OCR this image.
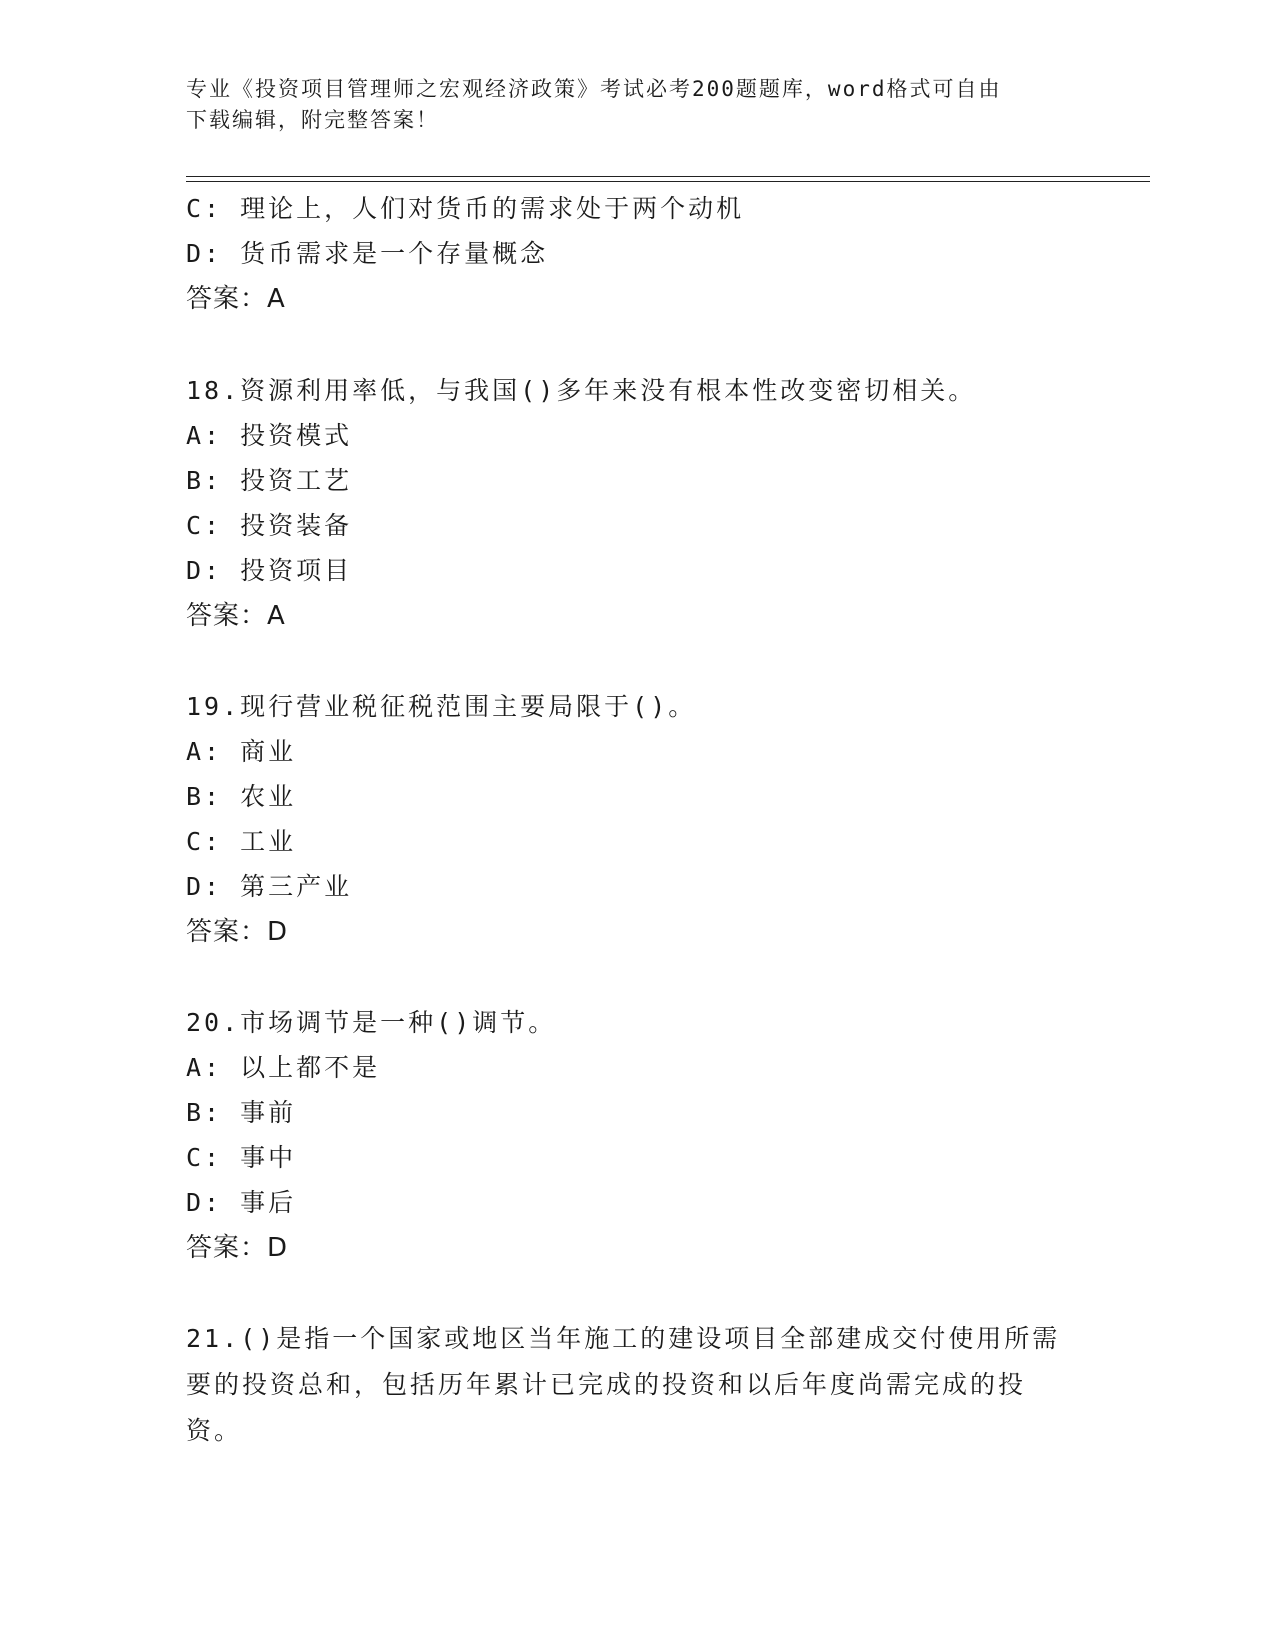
专业《投资项目管理师之宏观经济政策》考试必考200题题库，word格式可自由
下载编辑，附完整答案！
C: 理论上，人们对货币的需求处于两个动机
D: 货币需求是一个存量概念
答案：A
18.资源利用率低，与我国()多年来没有根本性改变密切相关。
A: 投资模式
B: 投资工艺
C: 投资装备
D: 投资项目
答案：A
19.现行营业税征税范围主要局限于()。
A: 商业
B: 农业
C: 工业
D: 第三产业
答案：D
20.市场调节是一种()调节。
A: 以上都不是
B: 事前
C: 事中
D: 事后
答案：D
21.()是指一个国家或地区当年施工的建设项目全部建成交付使用所需
要的投资总和，包括历年累计已完成的投资和以后年度尚需完成的投
资。
